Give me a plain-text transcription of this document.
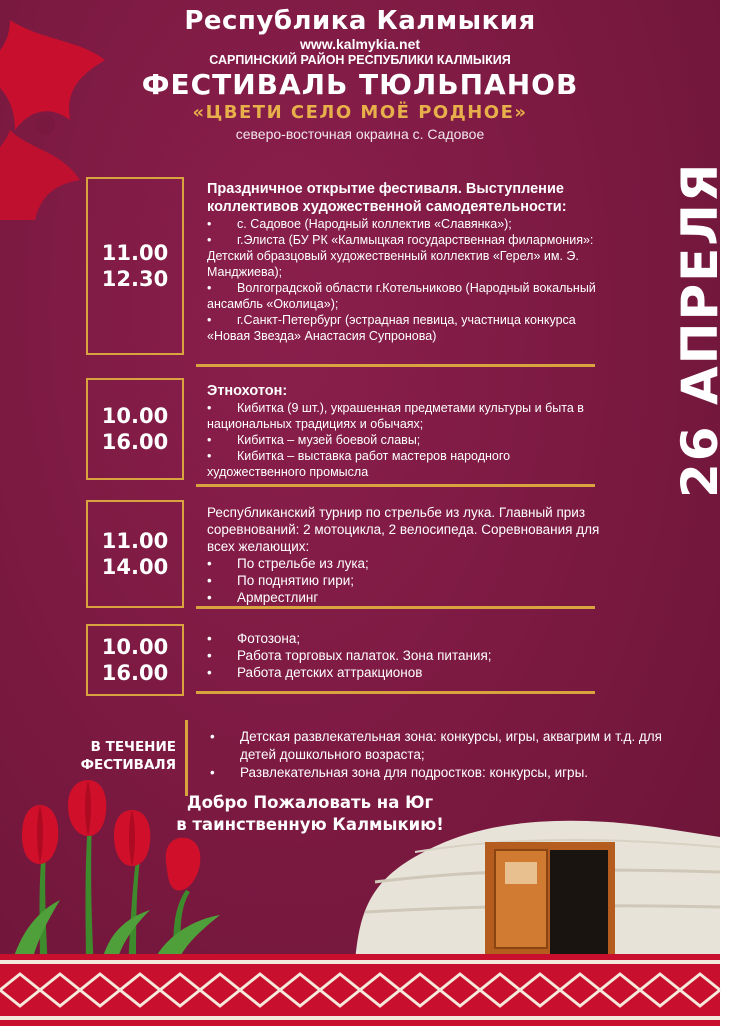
Республика Калмыкия
www.kalmykia.net
САРПИНСКИЙ РАЙОН РЕСПУБЛИКИ КАЛМЫКИЯ
ФЕСТИВАЛЬ ТЮЛЬПАНОВ
«ЦВЕТИ СЕЛО МОЁ РОДНОЕ»
северо-восточная окраина с. Садовое
26 АПРЕЛЯ
11.00
12.30
Праздничное открытие фестиваля. Выступление коллективов художественной самодеятельности:
• с. Садовое (Народный коллектив «Славянка»);
• г.Элиста (БУ РК «Калмыцкая государственная филармония»: Детский образцовый художественный коллектив «Герел» им. Э. Манджиева);
• Волгоградской области г.Котельниково (Народный вокальный ансамбль «Околица»);
• г.Санкт-Петербург (эстрадная певица, участница конкурса «Новая Звезда» Анастасия Супронова)
10.00
16.00
Этнохотон:
• Кибитка (9 шт.), украшенная предметами культуры и быта в национальных традициях и обычаях;
• Кибитка – музей боевой славы;
• Кибитка – выставка работ мастеров народного художественного промысла
11.00
14.00
Республиканский турнир по стрельбе из лука. Главный приз соревнований: 2 мотоцикла, 2 велосипеда. Соревнования для всех желающих:
• По стрельбе из лука;
• По поднятию гири;
• Армрестлинг
10.00
16.00
• Фотозона;
• Работа торговых палаток. Зона питания;
• Работа детских аттракционов
В ТЕЧЕНИЕ
ФЕСТИВАЛЯ
• Детская развлекательная зона: конкурсы, игры, аквагрим и т.д. для детей дошкольного возраста;
• Развлекательная зона для подростков: конкурсы, игры.
Добро Пожаловать на Юг
в таинственную Калмыкию!
